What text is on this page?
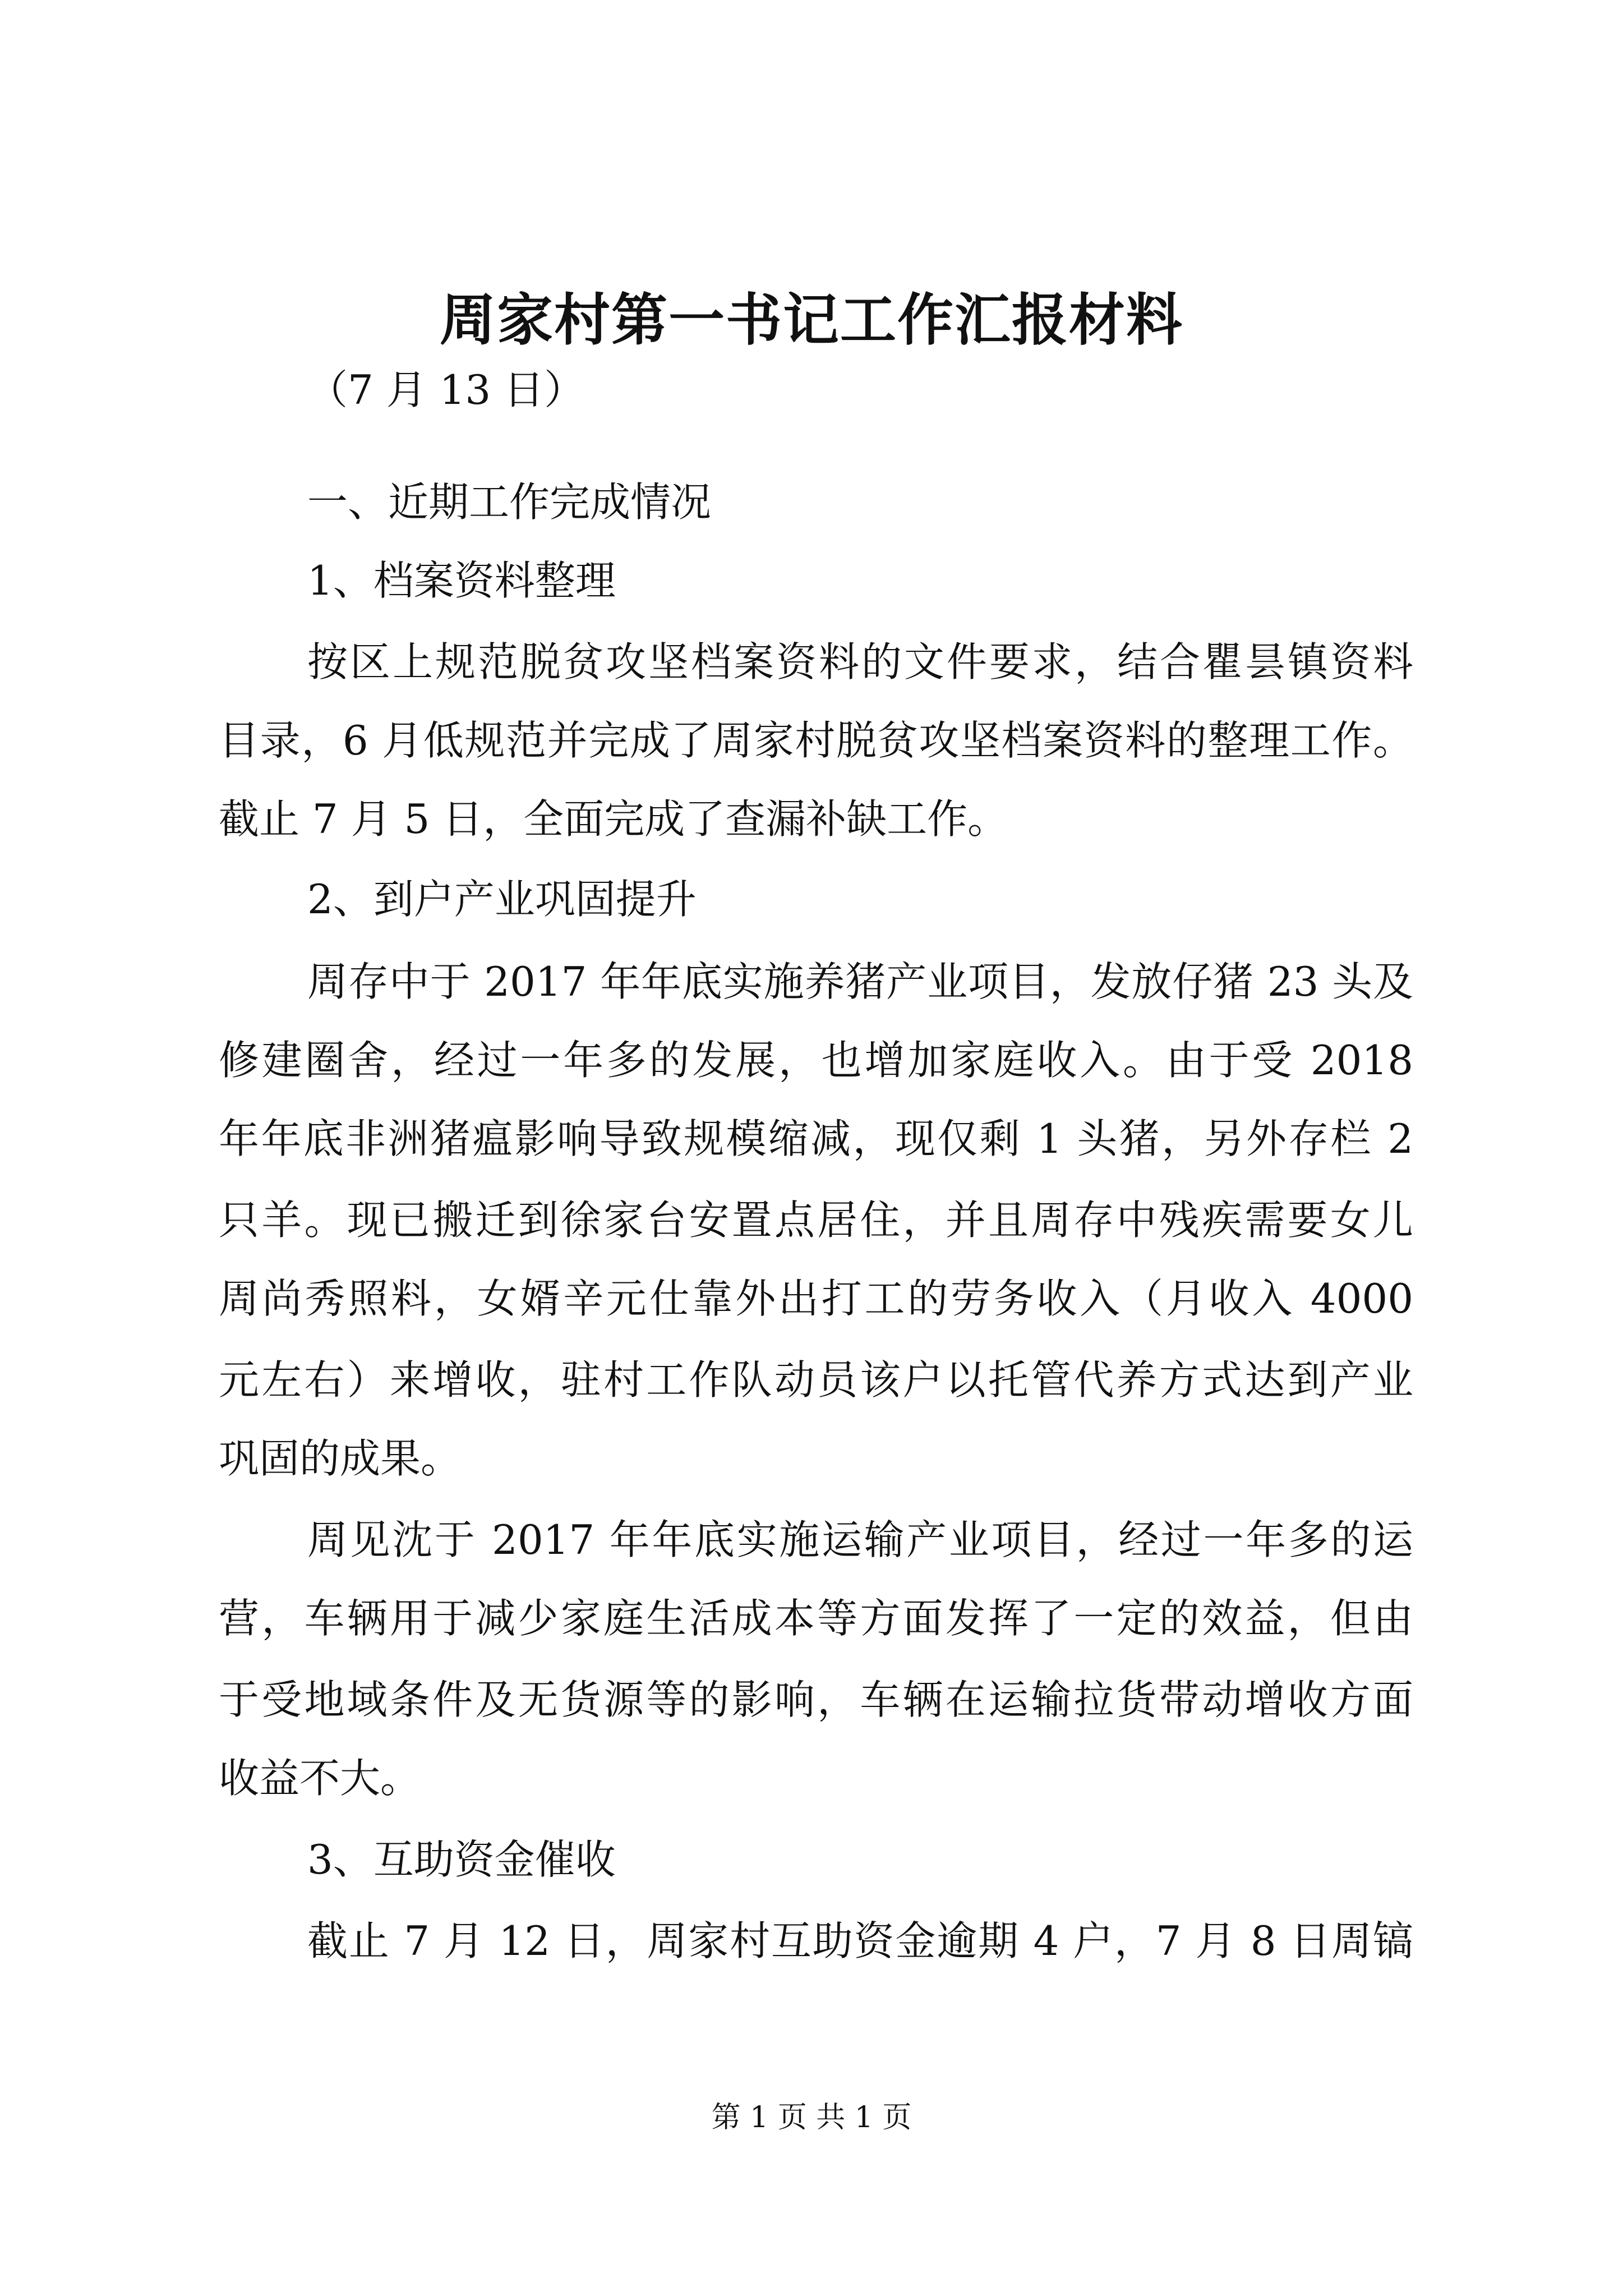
周家村第一书记工作汇报材料

（7 月 13 日）

一、近期工作完成情况

1、档案资料整理

按区上规范脱贫攻坚档案资料的文件要求，结合瞿昙镇资料

目录，6 月低规范并完成了周家村脱贫攻坚档案资料的整理工作。

截止 7 月 5 日，全面完成了查漏补缺工作。

2、到户产业巩固提升

周存中于 2017 年年底实施养猪产业项目，发放仔猪 23 头及

修建圈舍，经过一年多的发展，也增加家庭收入。由于受 2018

年年底非洲猪瘟影响导致规模缩减，现仅剩 1 头猪，另外存栏 2

只羊。现已搬迁到徐家台安置点居住，并且周存中残疾需要女儿

周尚秀照料，女婿辛元仕靠外出打工的劳务收入（月收入 4000

元左右）来增收，驻村工作队动员该户以托管代养方式达到产业

巩固的成果。

周见沈于 2017 年年底实施运输产业项目，经过一年多的运

营，车辆用于减少家庭生活成本等方面发挥了一定的效益，但由

于受地域条件及无货源等的影响，车辆在运输拉货带动增收方面

收益不大。

3、互助资金催收

截止 7 月 12 日，周家村互助资金逾期 4 户，7 月 8 日周镐

第 1 页 共 1 页
